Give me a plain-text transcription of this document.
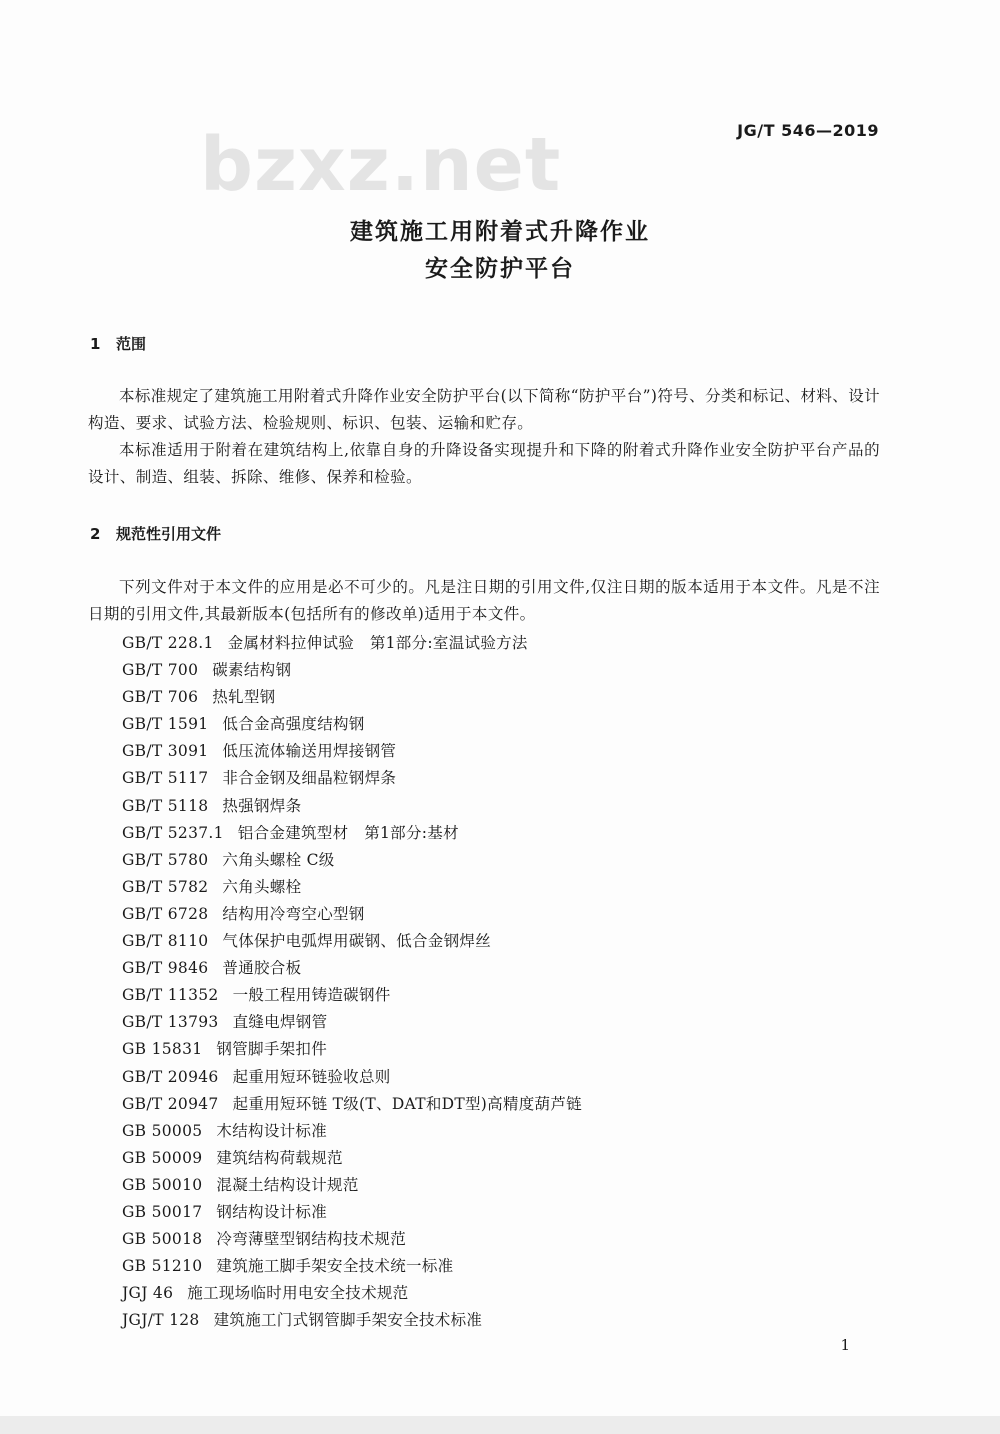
JG/T 546—2019
bzxz.net
建筑施工用附着式升降作业
安全防护平台
1 范围
本标准规定了建筑施工用附着式升降作业安全防护平台(以下简称“防护平台”)符号、分类和标记、材料、设计构造、要求、试验方法、检验规则、标识、包装、运输和贮存。
本标准适用于附着在建筑结构上,依靠自身的升降设备实现提升和下降的附着式升降作业安全防护平台产品的设计、制造、组装、拆除、维修、保养和检验。
2 规范性引用文件
下列文件对于本文件的应用是必不可少的。凡是注日期的引用文件,仅注日期的版本适用于本文件。凡是不注日期的引用文件,其最新版本(包括所有的修改单)适用于本文件。
GB/T 228.1 金属材料拉伸试验　第1部分:室温试验方法
GB/T 700 碳素结构钢
GB/T 706 热轧型钢
GB/T 1591 低合金高强度结构钢
GB/T 3091 低压流体输送用焊接钢管
GB/T 5117 非合金钢及细晶粒钢焊条
GB/T 5118 热强钢焊条
GB/T 5237.1 铝合金建筑型材　第1部分:基材
GB/T 5780 六角头螺栓 C级
GB/T 5782 六角头螺栓
GB/T 6728 结构用冷弯空心型钢
GB/T 8110 气体保护电弧焊用碳钢、低合金钢焊丝
GB/T 9846 普通胶合板
GB/T 11352 一般工程用铸造碳钢件
GB/T 13793 直缝电焊钢管
GB 15831 钢管脚手架扣件
GB/T 20946 起重用短环链验收总则
GB/T 20947 起重用短环链 T级(T、DAT和DT型)高精度葫芦链
GB 50005 木结构设计标准
GB 50009 建筑结构荷载规范
GB 50010 混凝土结构设计规范
GB 50017 钢结构设计标准
GB 50018 冷弯薄壁型钢结构技术规范
GB 51210 建筑施工脚手架安全技术统一标准
JGJ 46 施工现场临时用电安全技术规范
JGJ/T 128 建筑施工门式钢管脚手架安全技术标准
1
